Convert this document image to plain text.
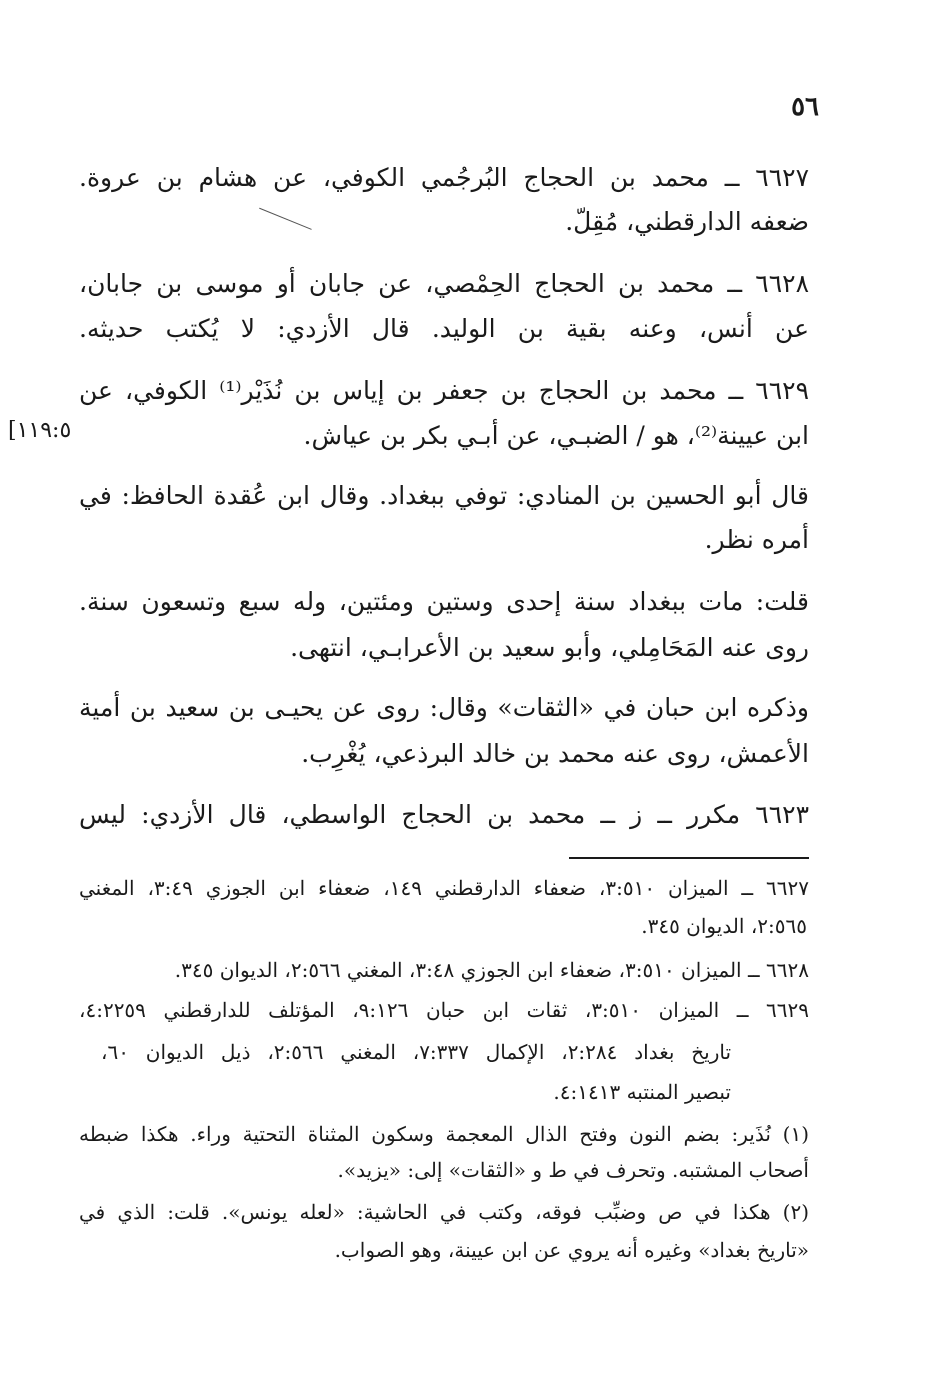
٥٦
٦٦٢٧ ــ محمد بن الحجاج البُرجُمي الكوفي، عن هشام بن عروة.
ضعفه الدارقطني، مُقِلّ.
٦٦٢٨ ــ محمد بن الحجاج الحِمْصي، عن جابان أو موسى بن جابان،
عن أنس، وعنه بقية بن الوليد. قال الأزدي: لا يُكتب حديثه.
٦٦٢٩ ــ محمد بن الحجاج بن جعفر بن إياس بن نُذَيْر⁽¹⁾ الكوفي، عن
ابن عيينة⁽²⁾، هو / الضبـي، عن أبـي بكر بن عياش.
[١١٩:٥
قال أبو الحسين بن المنادي: توفي ببغداد. وقال ابن عُقدة الحافظ: في
أمره نظر.
قلت: مات ببغداد سنة إحدى وستين ومئتين، وله سبع وتسعون سنة.
روى عنه المَحَامِلي، وأبو سعيد بن الأعرابـي، انتهى.
وذكره ابن حبان في «الثقات» وقال: روى عن يحيـى بن سعيد بن أمية
الأعمش، روى عنه محمد بن خالد البرذعي، يُغْرِب.
٦٦٢٣ مكرر ــ ز ــ محمد بن الحجاج الواسطي، قال الأزدي: ليس
٦٦٢٧ ــ الميزان ٣:٥١٠، ضعفاء الدارقطني ١٤٩، ضعفاء ابن الجوزي ٣:٤٩، المغني
٢:٥٦٥، الديوان ٣٤٥.
٦٦٢٨ ــ الميزان ٣:٥١٠، ضعفاء ابن الجوزي ٣:٤٨، المغني ٢:٥٦٦، الديوان ٣٤٥.
٦٦٢٩ ــ الميزان ٣:٥١٠، ثقات ابن حبان ٩:١٢٦، المؤتلف للدارقطني ٤:٢٢٥٩،
تاريخ بغداد ٢:٢٨٤، الإكمال ٧:٣٣٧، المغني ٢:٥٦٦، ذيل الديوان ٦٠،
تبصير المنتبه ٤:١٤١٣.
(١) نُذَير: بضم النون وفتح الذال المعجمة وسكون المثناة التحتية وراء. هكذا ضبطه
أصحاب المشتبه. وتحرف في ط و «الثقات» إلى: «يزيد».
(٢) هكذا في ص وضبِّب فوقه، وكتب في الحاشية: «لعله يونس». قلت: الذي في
«تاريخ بغداد» وغيره أنه يروي عن ابن عيينة، وهو الصواب.
